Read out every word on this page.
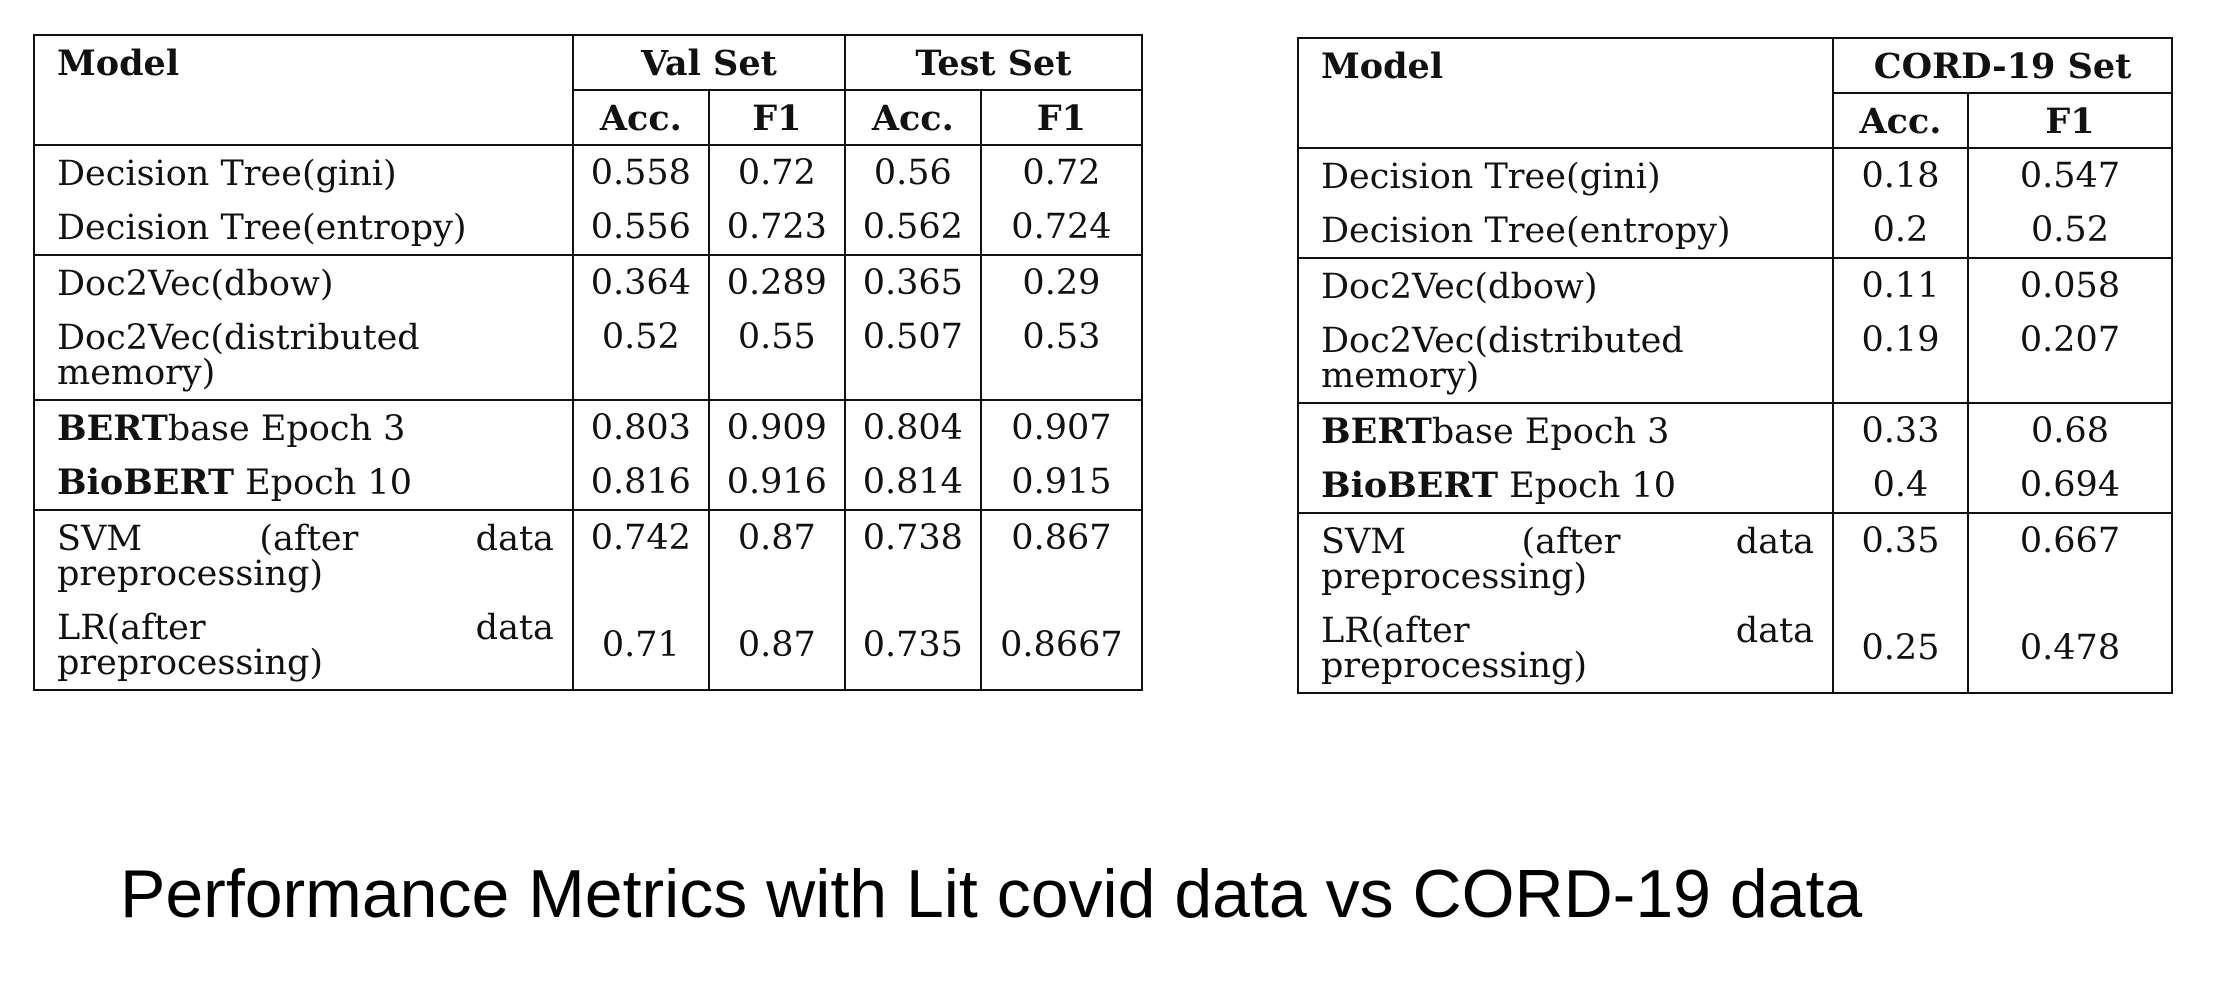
Model	Val Set		Test Set	
	Acc.	F1	Acc.	F1
Decision Tree(gini)	0.558	0.72	0.56	0.72
Decision Tree(entropy)	0.556	0.723	0.562	0.724
Doc2Vec(dbow)	0.364	0.289	0.365	0.29
Doc2Vec(distributed memory)	0.52	0.55	0.507	0.53
BERTbase Epoch 3	0.803	0.909	0.804	0.907
BioBERT Epoch 10	0.816	0.916	0.814	0.915
SVM (after data preprocessing)	0.742	0.87	0.738	0.867
LR(after data preprocessing)	0.71	0.87	0.735	0.8667
Model	CORD-19 Set	
	Acc.	F1
Decision Tree(gini)	0.18	0.547
Decision Tree(entropy)	0.2	0.52
Doc2Vec(dbow)	0.11	0.058
Doc2Vec(distributed memory)	0.19	0.207
BERTbase Epoch 3	0.33	0.68
BioBERT Epoch 10	0.4	0.694
SVM (after data preprocessing)	0.35	0.667
LR(after data preprocessing)	0.25	0.478

Performance Metrics with Lit covid data vs CORD-19 data
